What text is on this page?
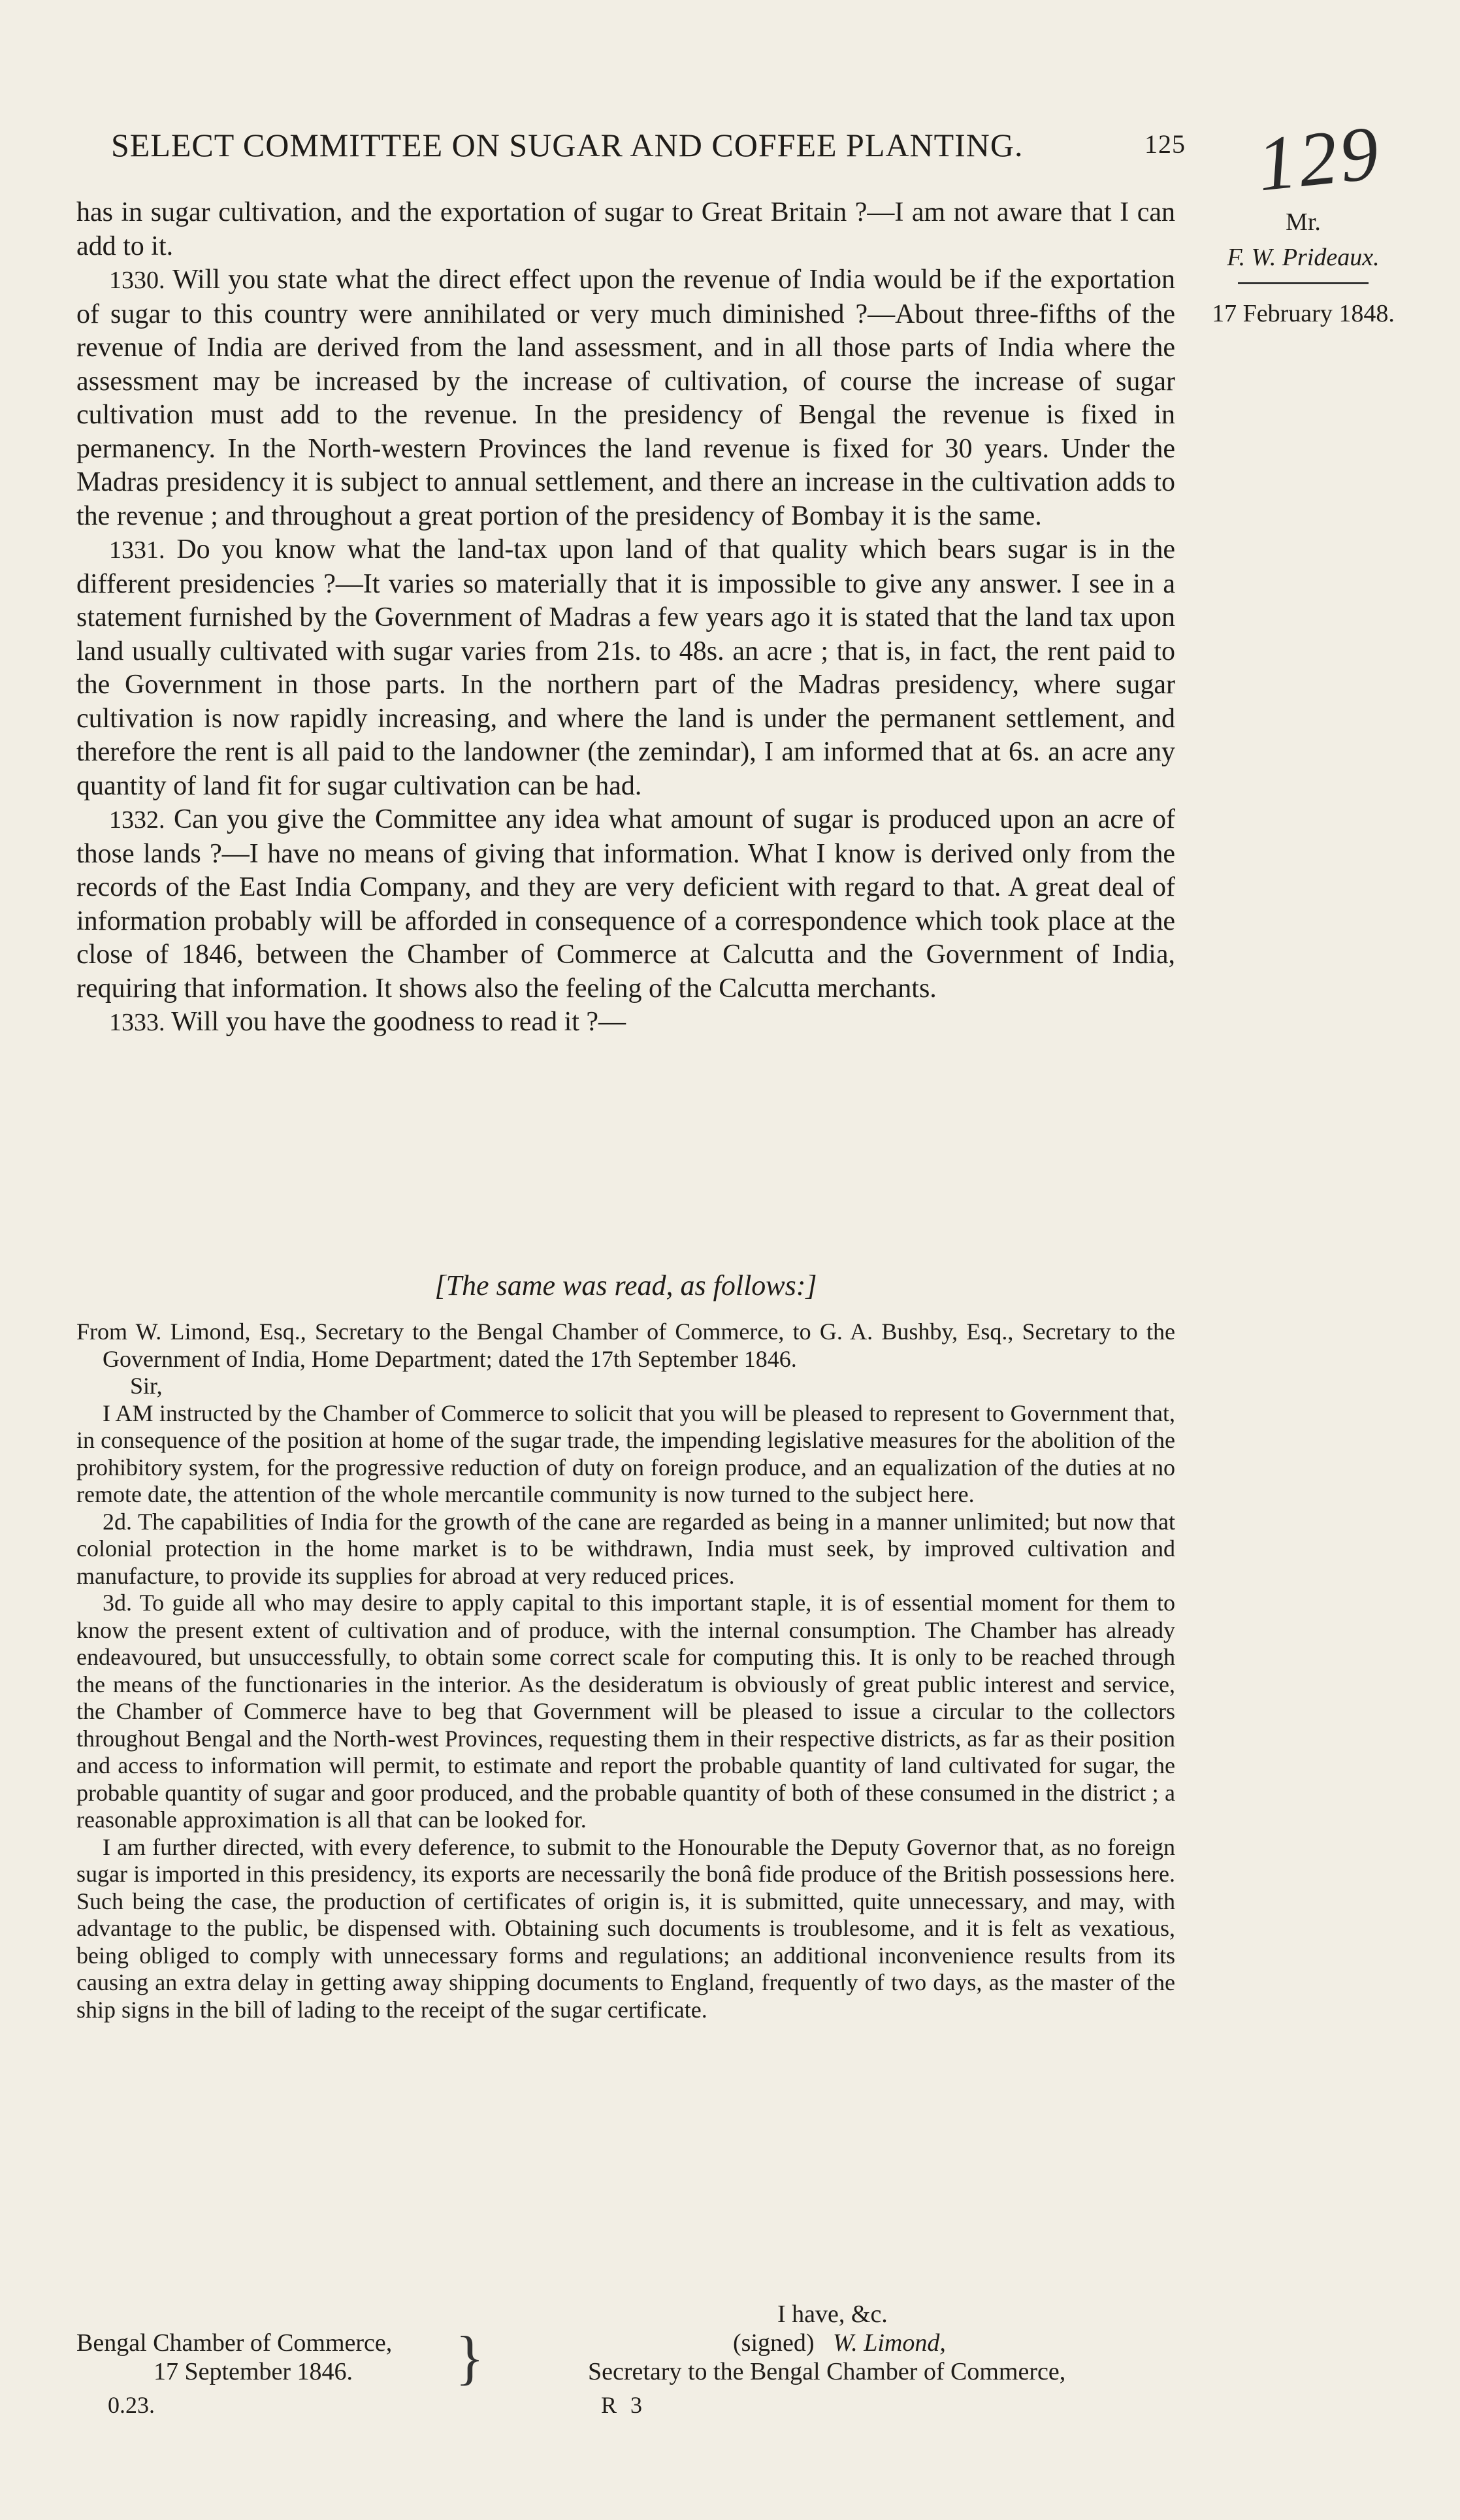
SELECT COMMITTEE ON SUGAR AND COFFEE PLANTING.	125 129
Mr.
F. W. Prideaux.
17 February 1848.

has in sugar cultivation, and the exportation of sugar to Great Britain ?—I am not aware that I can add to it.

1330. Will you state what the direct effect upon the revenue of India would be if the exportation of sugar to this country were annihilated or very much diminished ?—About three-fifths of the revenue of India are derived from the land assessment, and in all those parts of India where the assessment may be increased by the increase of cultivation, of course the increase of sugar cultivation must add to the revenue. In the presidency of Bengal the revenue is fixed in permanency. In the North-western Provinces the land revenue is fixed for 30 years. Under the Madras presidency it is subject to annual settlement, and there an increase in the cultivation adds to the revenue ; and throughout a great portion of the presidency of Bombay it is the same.

1331. Do you know what the land-tax upon land of that quality which bears sugar is in the different presidencies ?—It varies so materially that it is impossible to give any answer. I see in a statement furnished by the Government of Madras a few years ago it is stated that the land tax upon land usually cultivated with sugar varies from 21s. to 48s. an acre ; that is, in fact, the rent paid to the Government in those parts. In the northern part of the Madras presidency, where sugar cultivation is now rapidly increasing, and where the land is under the permanent settlement, and therefore the rent is all paid to the landowner (the zemindar), I am informed that at 6s. an acre any quantity of land fit for sugar cultivation can be had.

1332. Can you give the Committee any idea what amount of sugar is produced upon an acre of those lands ?—I have no means of giving that information. What I know is derived only from the records of the East India Company, and they are very deficient with regard to that. A great deal of information probably will be afforded in consequence of a correspondence which took place at the close of 1846, between the Chamber of Commerce at Calcutta and the Government of India, requiring that information. It shows also the feeling of the Calcutta merchants.

1333. Will you have the goodness to read it ?—

[The same was read, as follows:]

From W. Limond, Esq., Secretary to the Bengal Chamber of Commerce, to G. A. Bushby, Esq., Secretary to the Government of India, Home Department; dated the 17th September 1846.

Sir,

I AM instructed by the Chamber of Commerce to solicit that you will be pleased to represent to Government that, in consequence of the position at home of the sugar trade, the impending legislative measures for the abolition of the prohibitory system, for the progressive reduction of duty on foreign produce, and an equalization of the duties at no remote date, the attention of the whole mercantile community is now turned to the subject here.

2d. The capabilities of India for the growth of the cane are regarded as being in a manner unlimited; but now that colonial protection in the home market is to be withdrawn, India must seek, by improved cultivation and manufacture, to provide its supplies for abroad at very reduced prices.

3d. To guide all who may desire to apply capital to this important staple, it is of essential moment for them to know the present extent of cultivation and of produce, with the internal consumption. The Chamber has already endeavoured, but unsuccessfully, to obtain some correct scale for computing this. It is only to be reached through the means of the functionaries in the interior. As the desideratum is obviously of great public interest and service, the Chamber of Commerce have to beg that Government will be pleased to issue a circular to the collectors throughout Bengal and the North-west Provinces, requesting them in their respective districts, as far as their position and access to information will permit, to estimate and report the probable quantity of land cultivated for sugar, the probable quantity of sugar and goor produced, and the probable quantity of both of these consumed in the district ; a reasonable approximation is all that can be looked for.

I am further directed, with every deference, to submit to the Honourable the Deputy Governor that, as no foreign sugar is imported in this presidency, its exports are necessarily the bonâ fide produce of the British possessions here. Such being the case, the production of certificates of origin is, it is submitted, quite unnecessary, and may, with advantage to the public, be dispensed with. Obtaining such documents is troublesome, and it is felt as vexatious, being obliged to comply with unnecessary forms and regulations; an additional inconvenience results from its causing an extra delay in getting away shipping documents to England, frequently of two days, as the master of the ship signs in the bill of lading to the receipt of the sugar certificate.

Bengal Chamber of Commerce,
17 September 1846.	}
I have, &c.
(signed) W. Limond,
Secretary to the Bengal Chamber of Commerce,
0.23.	R 3
